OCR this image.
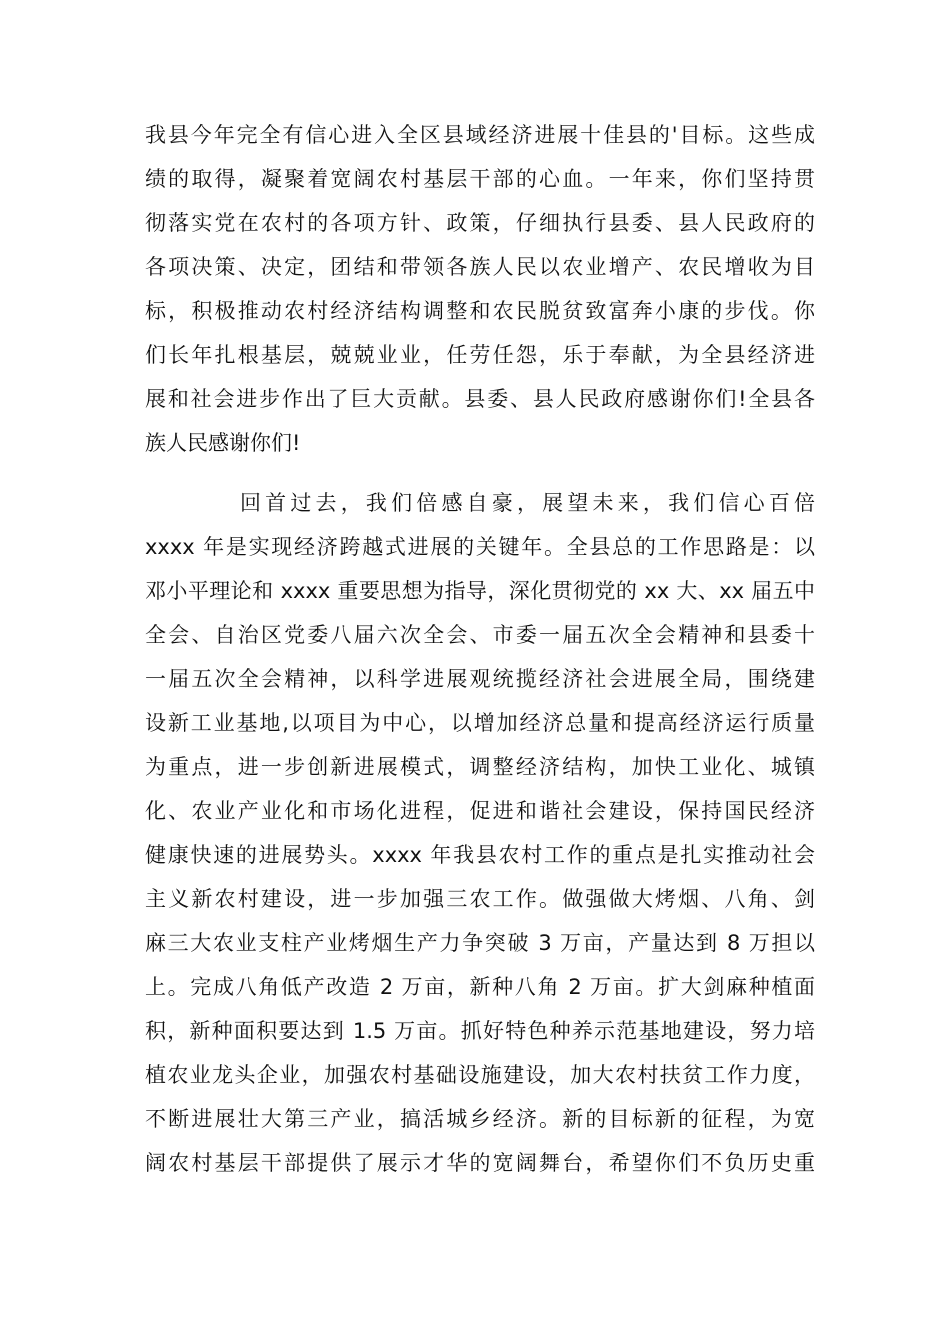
我县今年完全有信心进入全区县域经济进展十佳县的'目标。这些成
绩的取得，凝聚着宽阔农村基层干部的心血。一年来，你们坚持贯
彻落实党在农村的各项方针、政策，仔细执行县委、县人民政府的
各项决策、决定，团结和带领各族人民以农业增产、农民增收为目
标，积极推动农村经济结构调整和农民脱贫致富奔小康的步伐。你
们长年扎根基层，兢兢业业，任劳任怨，乐于奉献，为全县经济进
展和社会进步作出了巨大贡献。县委、县人民政府感谢你们!全县各
族人民感谢你们!
回首过去，我们倍感自豪，展望未来，我们信心百倍
xxxx 年是实现经济跨越式进展的关键年。全县总的工作思路是：以
邓小平理论和 xxxx 重要思想为指导，深化贯彻党的 xx 大、xx 届五中
全会、自治区党委八届六次全会、市委一届五次全会精神和县委十
一届五次全会精神，以科学进展观统揽经济社会进展全局，围绕建
设新工业基地,以项目为中心，以增加经济总量和提高经济运行质量
为重点，进一步创新进展模式，调整经济结构，加快工业化、城镇
化、农业产业化和市场化进程，促进和谐社会建设，保持国民经济
健康快速的进展势头。xxxx 年我县农村工作的重点是扎实推动社会
主义新农村建设，进一步加强三农工作。做强做大烤烟、八角、剑
麻三大农业支柱产业烤烟生产力争突破 3 万亩，产量达到 8 万担以
上。完成八角低产改造 2 万亩，新种八角 2 万亩。扩大剑麻种植面
积，新种面积要达到 1.5 万亩。抓好特色种养示范基地建设，努力培
植农业龙头企业，加强农村基础设施建设，加大农村扶贫工作力度，
不断进展壮大第三产业，搞活城乡经济。新的目标新的征程，为宽
阔农村基层干部提供了展示才华的宽阔舞台，希望你们不负历史重
